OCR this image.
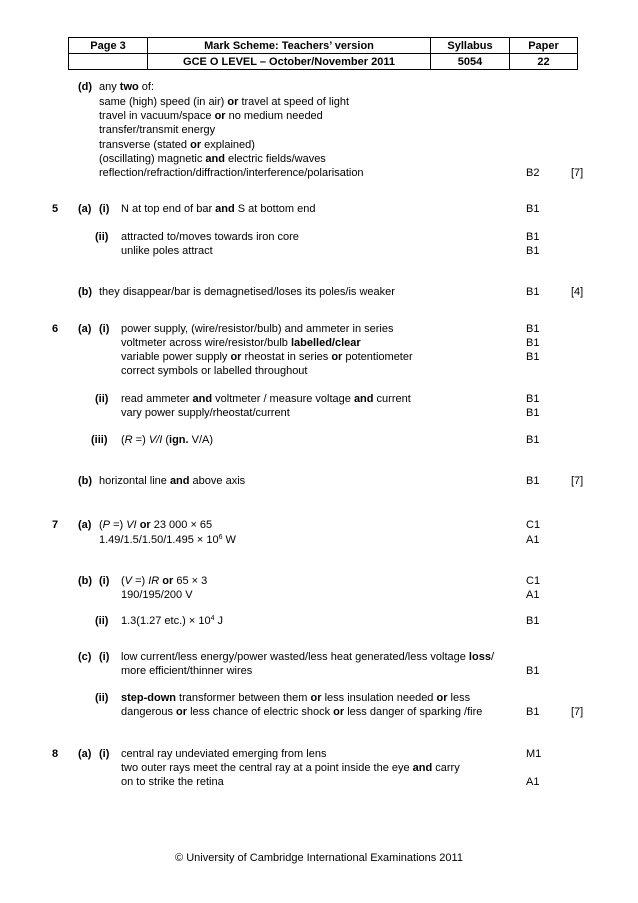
Page 3	Mark Scheme: Teachers’ version	Syllabus	Paper
	GCE O LEVEL – October/November 2011	5054	22
(d) any two of:
same (high) speed (in air) or travel at speed of light
travel in vacuum/space or no medium needed
transfer/transmit energy
transverse (stated or explained)
(oscillating) magnetic and electric fields/waves
reflection/refraction/diffraction/interference/polarisation	B2	[7]
5 (a) (i) N at top end of bar and S at bottom end	B1
(ii) attracted to/moves towards iron core	B1
unlike poles attract	B1
(b) they disappear/bar is demagnetised/loses its poles/is weaker	B1	[4]
6 (a) (i) power supply, (wire/resistor/bulb) and ammeter in series	B1
voltmeter across wire/resistor/bulb labelled/clear	B1
variable power supply or rheostat in series or potentiometer	B1
correct symbols or labelled throughout
(ii) read ammeter and voltmeter / measure voltage and current	B1
vary power supply/rheostat/current	B1
(iii) (R =) V/I (ign. V/A)	B1
(b) horizontal line and above axis	B1	[7]
7 (a) (P =) VI or 23 000 × 65	C1
$1.49/1.5/1.50/1.495 \times 10^6$ W	A1
(b) (i) (V =) IR or 65 × 3	C1
190/195/200 V	A1
(ii) 1.3(1.27 $etc.) \times 10^4$ J	B1
(c) (i) low current/less energy/power wasted/less heat generated/less voltage loss/
more efficient/thinner wires	B1
(ii) step-down transformer between them or less insulation needed or less
dangerous or less chance of electric shock or less danger of sparking /fire	B1	[7]
8 (a) (i) central ray undeviated emerging from lens	M1
two outer rays meet the central ray at a point inside the eye and carry
on to strike the retina	A1
© University of Cambridge International Examinations 2011
